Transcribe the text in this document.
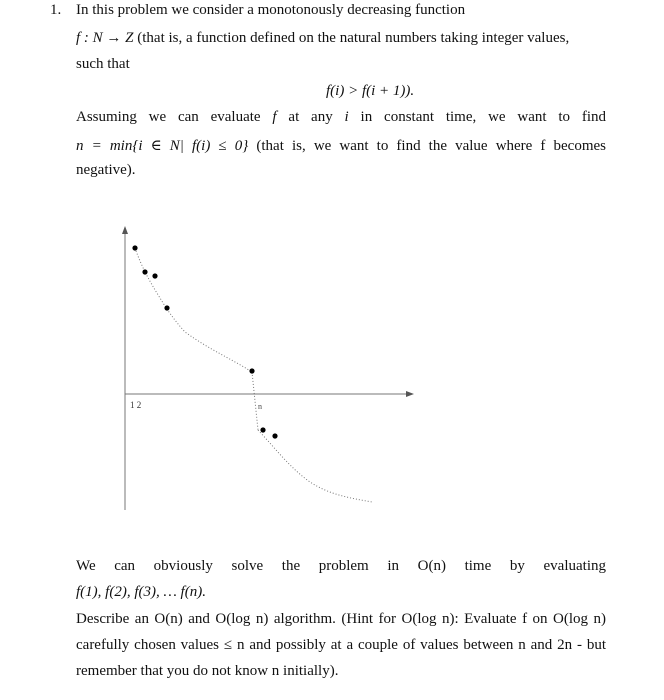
1. In this problem we consider a monotonously decreasing function
f : N → Z (that is, a function defined on the natural numbers taking integer values,
such that
f(i) > f(i + 1)).
Assuming we can evaluate f at any i in constant time, we want to find
n = min{i ∈ N| f(i) ≤ 0} (that is, we want to find the value where f becomes
negative).
1 2	n
We can obviously solve the problem in O(n) time by evaluating
f(1), f(2), f(3), … f(n).
Describe an O(n) and O(log n) algorithm. (Hint for O(log n): Evaluate f on O(log n)
carefully chosen values ≤ n and possibly at a couple of values between n and 2n - but
remember that you do not know n initially).
